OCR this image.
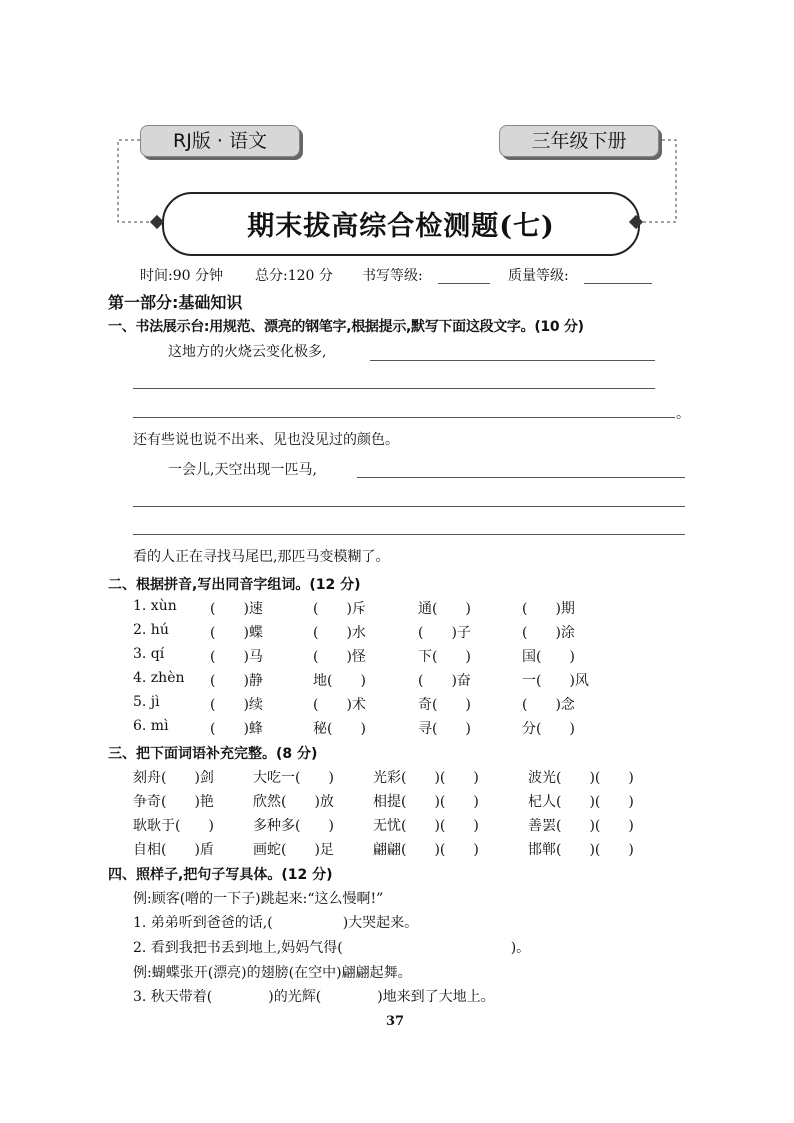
RJ版 · 语文	三年级下册
期末拔高综合检测题(七)
时间:90 分钟 总分:120 分 书写等级:	质量等级:
第一部分:基础知识
一、书法展示台:用规范、漂亮的钢笔字,根据提示,默写下面这段文字。(10 分)
这地方的火烧云变化极多,
。
还有些说也说不出来、见也没见过的颜色。
一会儿,天空出现一匹马,
看的人正在寻找马尾巴,那匹马变模糊了。
二、根据拼音,写出同音字组词。(12 分)
1. xùn (　　)速	(　　)斥	通(　　)	(　　)期
2. hú	(　　)蝶	(　　)水	(　　)子	(　　)涂
3. qí	(　　)马	(　　)怪	下(　　)	国(　　)
4. zhèn (　　)静	地(　　)	(　　)奋	一(　　)风
5. jì	(　　)续	(　　)术	奇(　　)	(　　)念
6. mì	(　　)蜂	秘(　　)	寻(　　)	分(　　)
三、把下面词语补充完整。(8 分)
刻舟(　　)剑	大吃一(　　)	光彩(　　)(　　)	波光(　　)(　　)
争奇(　　)艳	欣然(　　)放	相提(　　)(　　)	杞人(　　)(　　)
耿耿于(　　)	多种多(　　)	无忧(　　)(　　)	善罢(　　)(　　)
自相(　　)盾	画蛇(　　)足	翩翩(　　)(　　)	邯郸(　　)(　　)
四、照样子,把句子写具体。(12 分)
例:顾客(噌的一下子)跳起来:“这么慢啊!”
1. 弟弟听到爸爸的话,(　　　　　)大哭起来。
2. 看到我把书丢到地上,妈妈气得(　　　　　　　　　　　　)。
例:蝴蝶张开(漂亮)的翅膀(在空中)翩翩起舞。
3. 秋天带着(　　　　)的光辉(　　　　)地来到了大地上。
37
